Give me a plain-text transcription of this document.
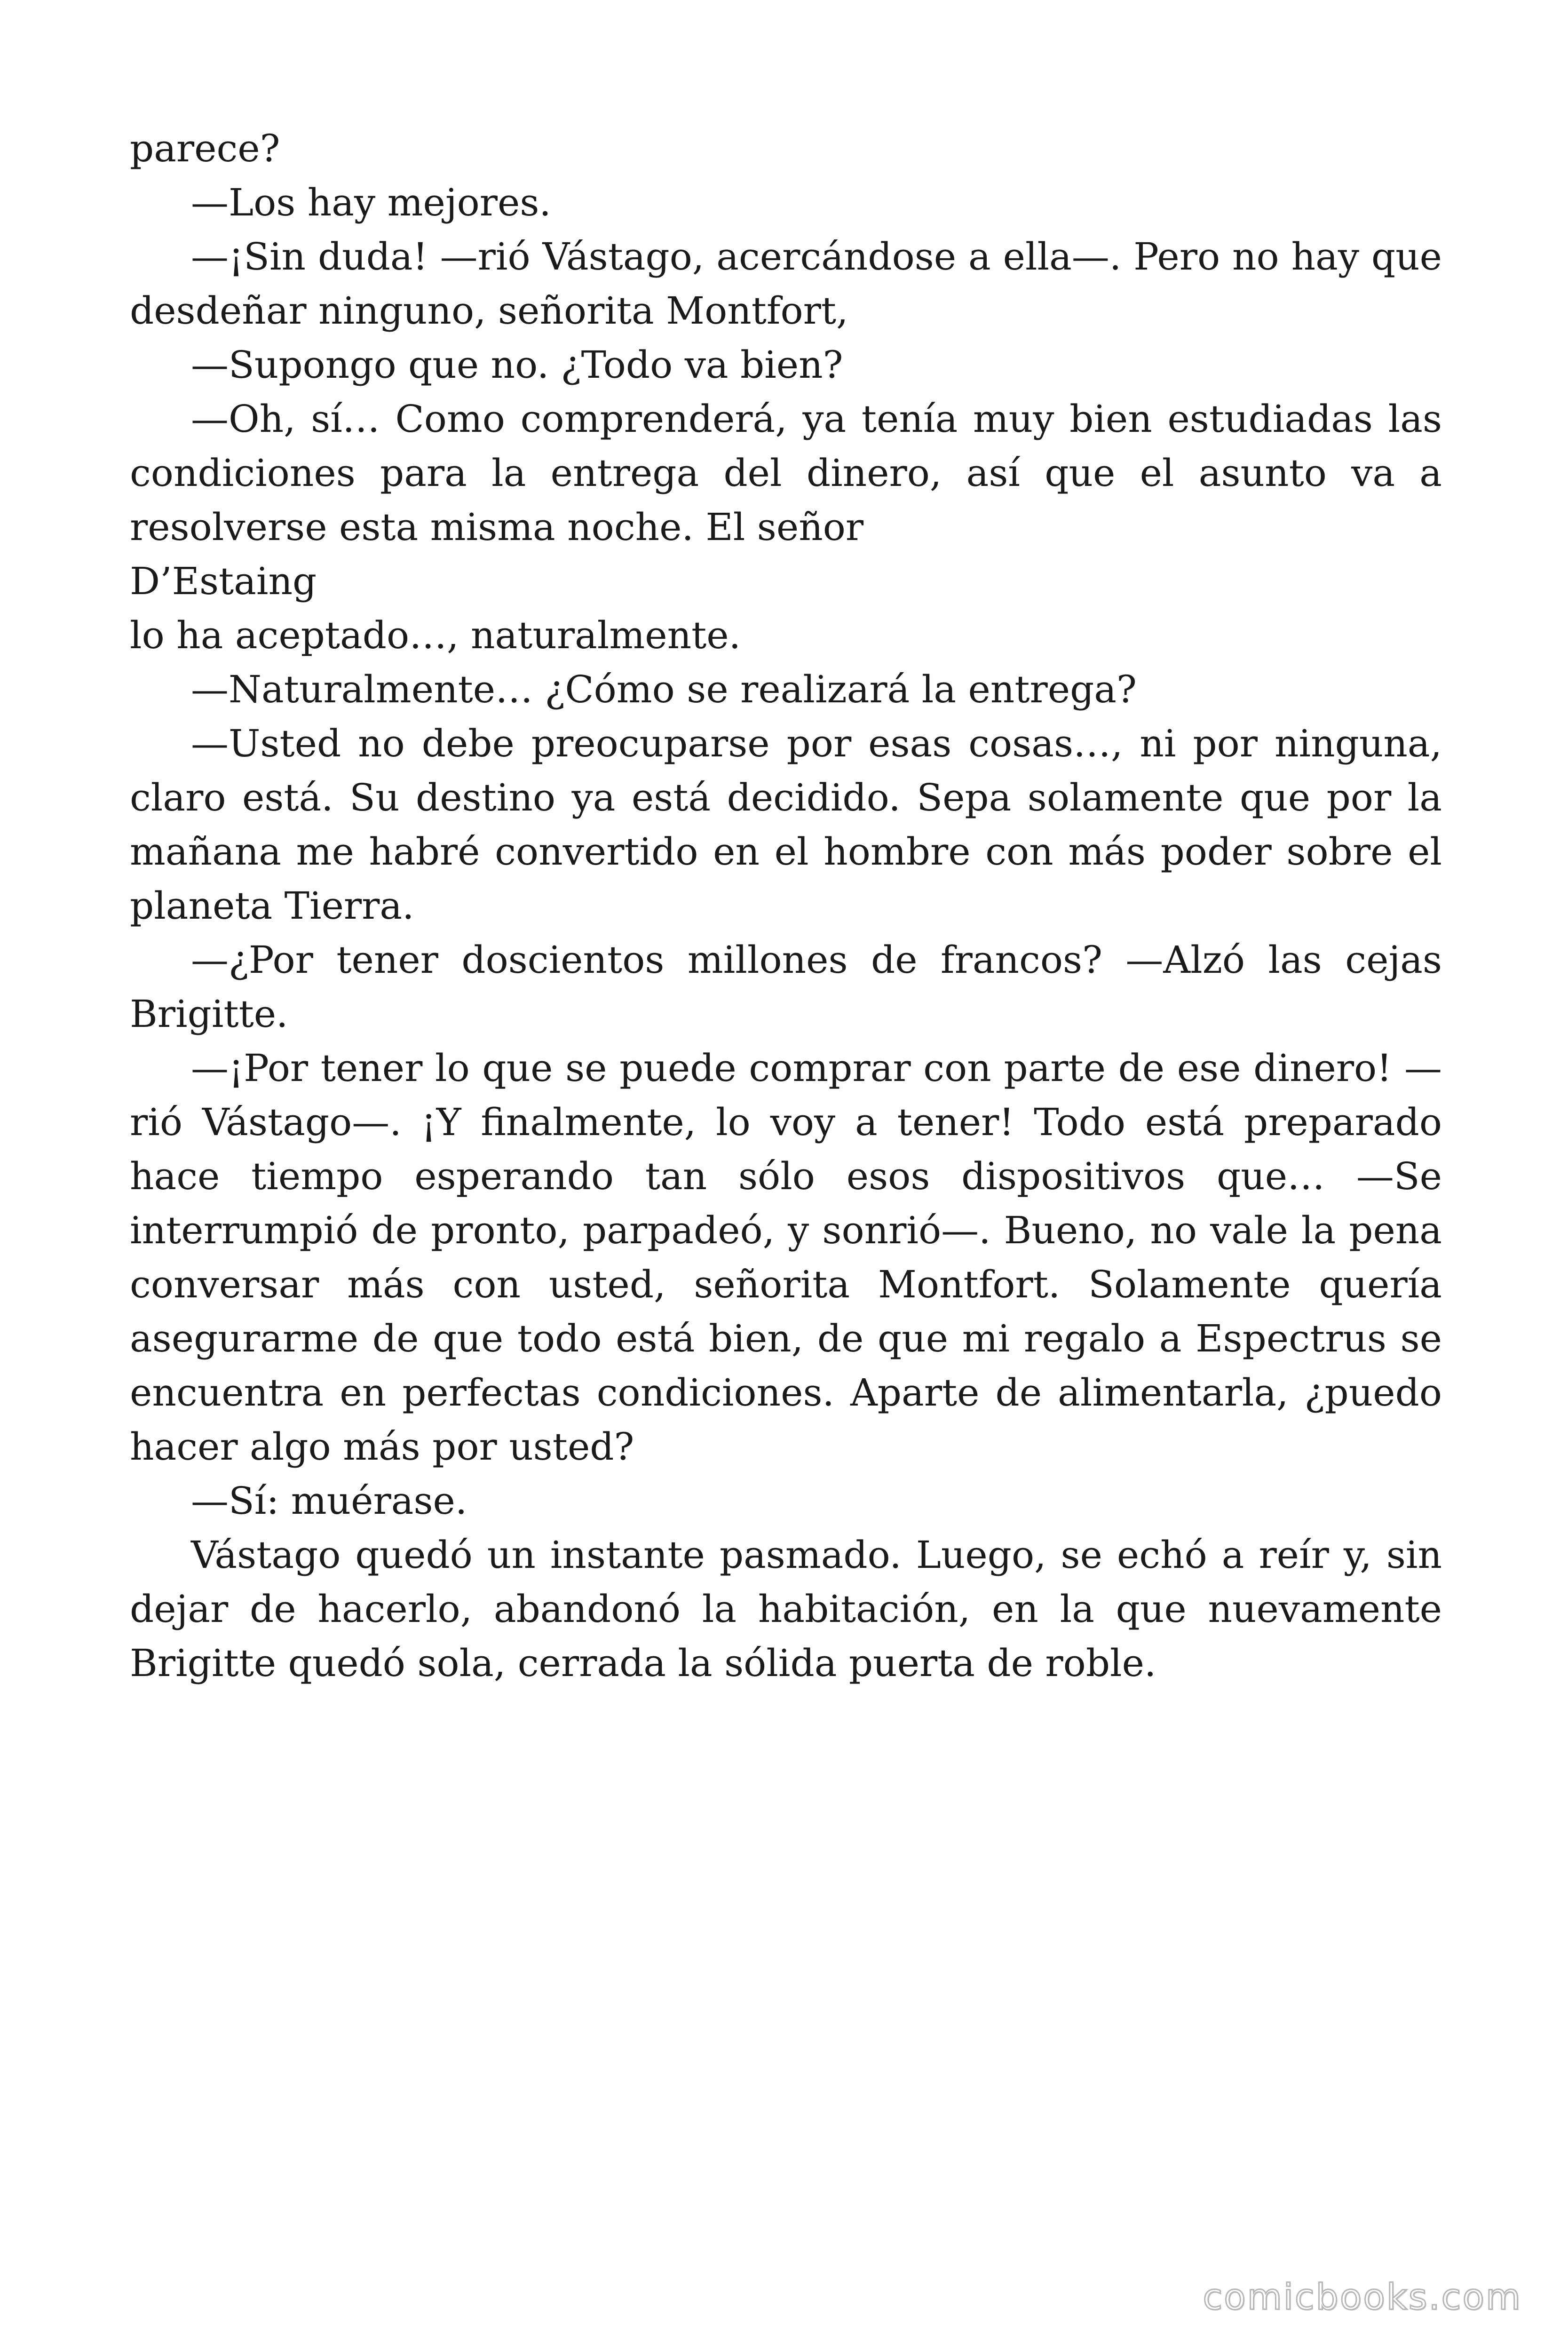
parece?

—Los hay mejores.

—¡Sin duda! —rió Vástago, acercándose a ella—. Pero no hay que desdeñar ninguno, señorita Montfort,

—Supongo que no. ¿Todo va bien?

—Oh, sí… Como comprenderá, ya tenía muy bien estudiadas las condiciones para la entrega del dinero, así que el asunto va a resolverse esta misma noche. El señor

D’Estaing

lo ha aceptado…, naturalmente.

—Naturalmente… ¿Cómo se realizará la entrega?

—Usted no debe preocuparse por esas cosas…, ni por ninguna, claro está. Su destino ya está decidido. Sepa solamente que por la mañana me habré convertido en el hombre con más poder sobre el planeta Tierra.

—¿Por tener doscientos millones de francos? —Alzó las cejas Brigitte.

—¡Por tener lo que se puede comprar con parte de ese dinero! —rió Vástago—. ¡Y finalmente, lo voy a tener! Todo está preparado hace tiempo esperando tan sólo esos dispositivos que… —Se interrumpió de pronto, parpadeó, y sonrió—. Bueno, no vale la pena conversar más con usted, señorita Montfort. Solamente quería asegurarme de que todo está bien, de que mi regalo a Espectrus se encuentra en perfectas condiciones. Aparte de alimentarla, ¿puedo hacer algo más por usted?

—Sí: muérase.

Vástago quedó un instante pasmado. Luego, se echó a reír y, sin dejar de hacerlo, abandonó la habitación, en la que nuevamente Brigitte quedó sola, cerrada la sólida puerta de roble.

comicbooks.com
